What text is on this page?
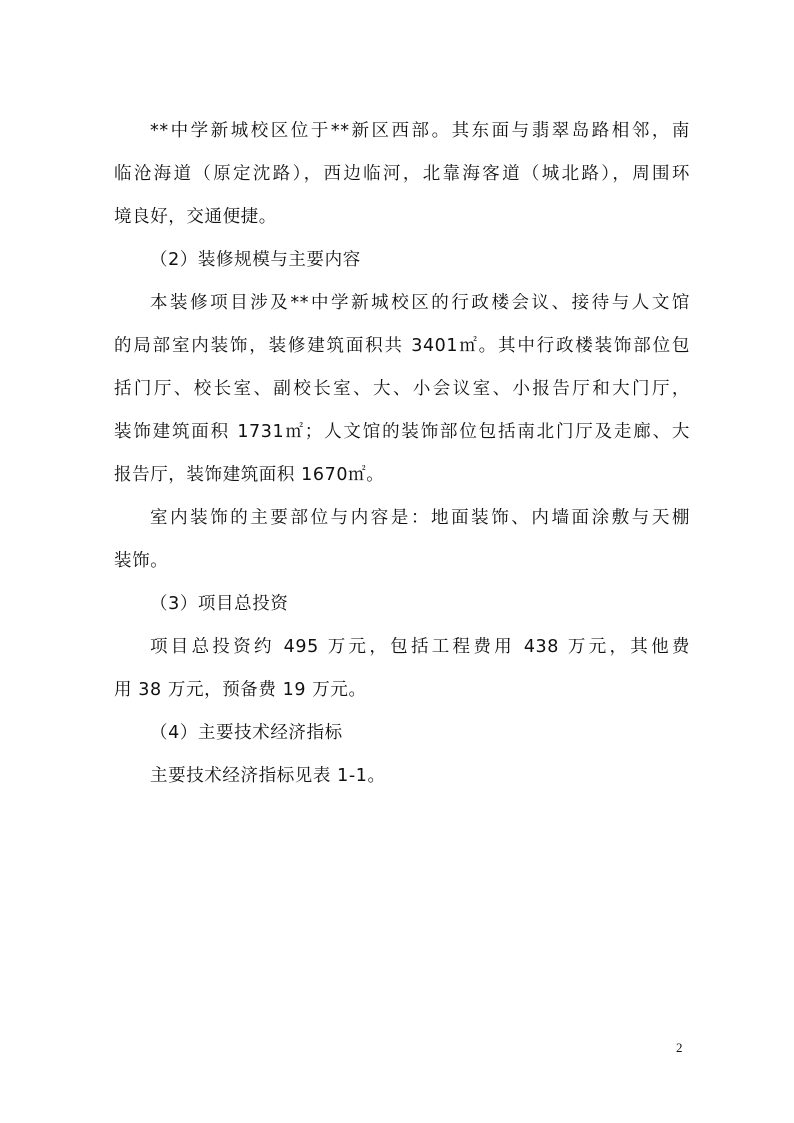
**中学新城校区位于**新区西部。其东面与翡翠岛路相邻，南
临沧海道（原定沈路），西边临河，北靠海客道（城北路），周围环
境良好，交通便捷。
（2）装修规模与主要内容
本装修项目涉及**中学新城校区的行政楼会议、接待与人文馆
的局部室内装饰，装修建筑面积共 3401㎡。其中行政楼装饰部位包
括门厅、校长室、副校长室、大、小会议室、小报告厅和大门厅，
装饰建筑面积 1731㎡；人文馆的装饰部位包括南北门厅及走廊、大
报告厅，装饰建筑面积 1670㎡。
室内装饰的主要部位与内容是：地面装饰、内墙面涂敷与天棚
装饰。
（3）项目总投资
项目总投资约 495 万元，包括工程费用 438 万元，其他费
用 38 万元，预备费 19 万元。
（4）主要技术经济指标
主要技术经济指标见表 1-1。
2
